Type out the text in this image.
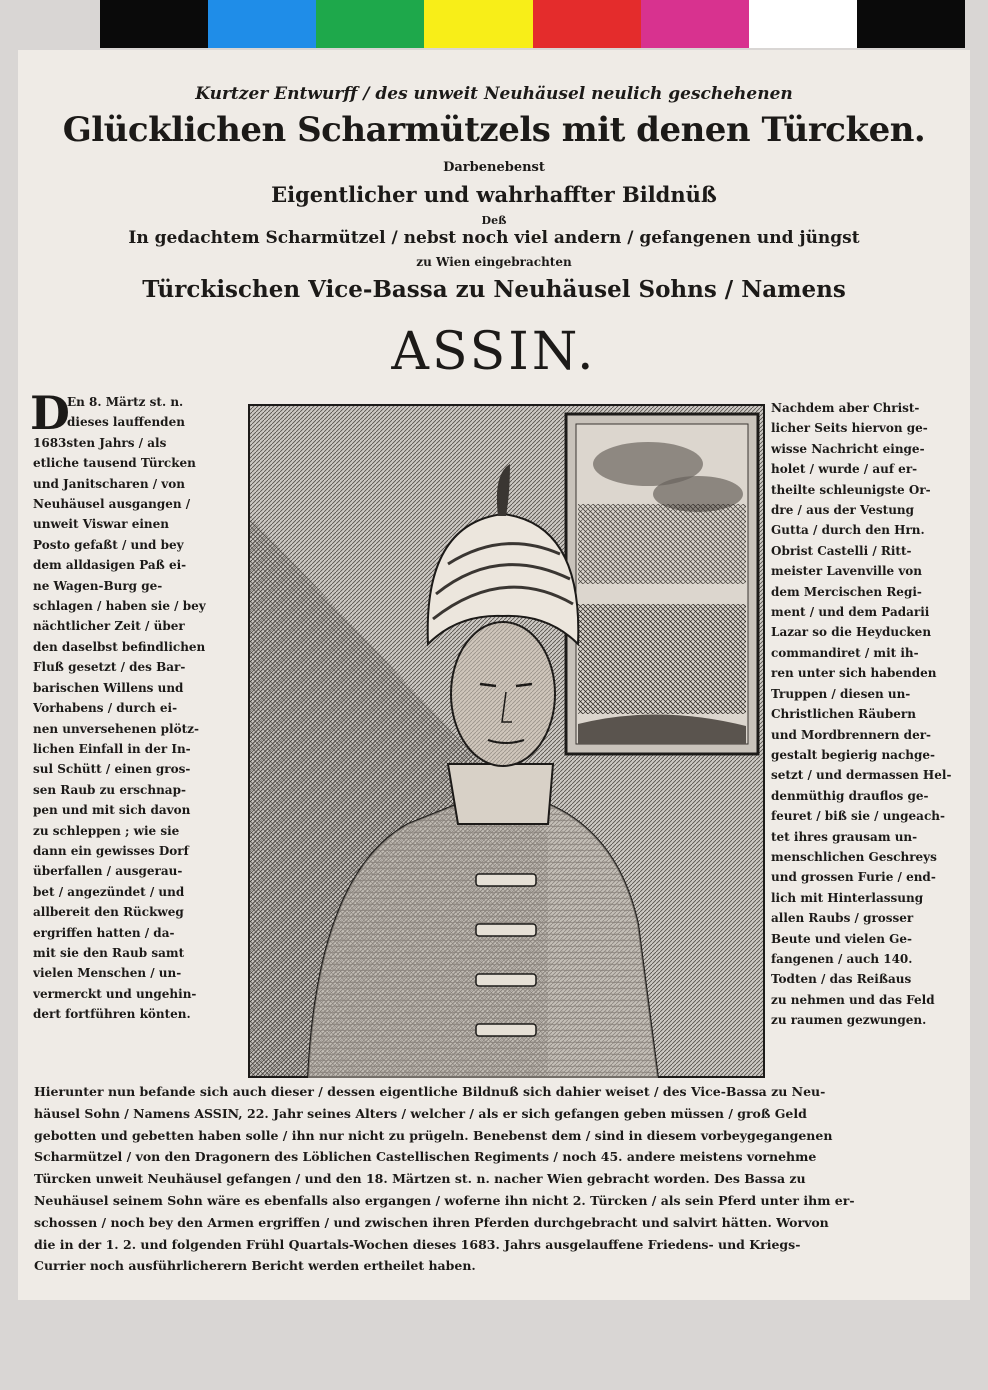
Kurtzer Entwurff / des unweit Neuhäusel neulich geschehenen
Glücklichen Scharmützels mit denen Türcken.
Darbenebenst
Eigentlicher und wahrhaffter Bildnüß
Deß
In gedachtem Scharmützel / nebst noch viel andern / gefangenen und jüngst
zu Wien eingebrachten
Türckischen Vice-Bassa zu Neuhäusel Sohns / Namens
ASSIN.
D
En 8. Märtz st. n.
dieses lauffenden
1683sten Jahrs / als
etliche tausend Türcken
und Janitscharen / von
Neuhäusel ausgangen /
unweit Viswar einen
Posto gefaßt / und bey
dem alldasigen Paß ei-
ne Wagen-Burg ge-
schlagen / haben sie / bey
nächtlicher Zeit / über
den daselbst befindlichen
Fluß gesetzt / des Bar-
barischen Willens und
Vorhabens / durch ei-
nen unversehenen plötz-
lichen Einfall in der In-
sul Schütt / einen gros-
sen Raub zu erschnap-
pen und mit sich davon
zu schleppen ; wie sie
dann ein gewisses Dorf
überfallen / ausgerau-
bet / angezündet / und
allbereit den Rückweg
ergriffen hatten / da-
mit sie den Raub samt
vielen Menschen / un-
vermerckt und ungehin-
dert fortführen könten.
Nachdem aber Christ-
licher Seits hiervon ge-
wisse Nachricht einge-
holet / wurde / auf er-
theilte schleunigste Or-
dre / aus der Vestung
Gutta / durch den Hrn.
Obrist Castelli / Ritt-
meister Lavenville von
dem Mercischen Regi-
ment / und dem Padarii
Lazar so die Heyducken
commandiret / mit ih-
ren unter sich habenden
Truppen / diesen un-
Christlichen Räubern
und Mordbrennern der-
gestalt begierig nachge-
setzt / und dermassen Hel-
denmüthig drauflos ge-
feuret / biß sie / ungeach-
tet ihres grausam un-
menschlichen Geschreys
und grossen Furie / end-
lich mit Hinterlassung
allen Raubs / grosser
Beute und vielen Ge-
fangenen / auch 140.
Todten / das Reißaus
zu nehmen und das Feld
zu raumen gezwungen.
Hierunter nun befande sich auch dieser / dessen eigentliche Bildnuß sich dahier weiset / des Vice-Bassa zu Neu-
häusel Sohn / Namens ASSIN, 22. Jahr seines Alters / welcher / als er sich gefangen geben müssen / groß Geld
gebotten und gebetten haben solle / ihn nur nicht zu prügeln. Benebenst dem / sind in diesem vorbeygegangenen
Scharmützel / von den Dragonern des Löblichen Castellischen Regiments / noch 45. andere meistens vornehme
Türcken unweit Neuhäusel gefangen / und den 18. Märtzen st. n. nacher Wien gebracht worden. Des Bassa zu
Neuhäusel seinem Sohn wäre es ebenfalls also ergangen / woferne ihn nicht 2. Türcken / als sein Pferd unter ihm er-
schossen / noch bey den Armen ergriffen / und zwischen ihren Pferden durchgebracht und salvirt hätten. Worvon
die in der 1. 2. und folgenden Frühl Quartals-Wochen dieses 1683. Jahrs ausgelauffene Friedens- und Kriegs-
Currier noch ausführlicherern Bericht werden ertheilet haben.
